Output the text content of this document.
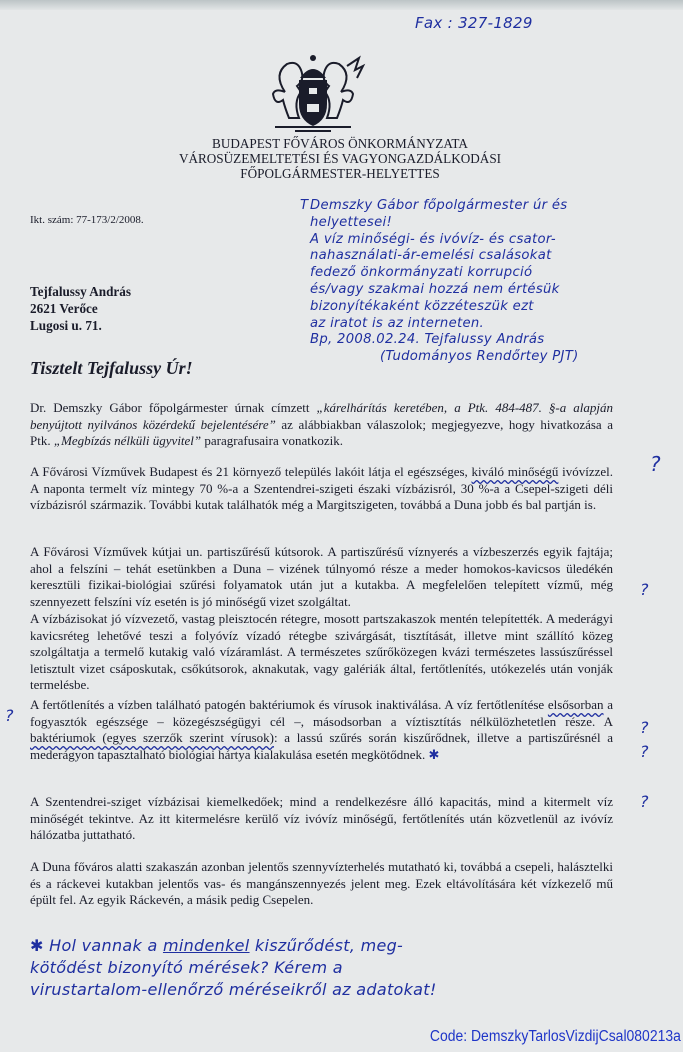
Fax : 327-1829
BUDAPEST FŐVÁROS ÖNKORMÁNYZATA
VÁROSÜZEMELTETÉSI ÉS VAGYONGAZDÁLKODÁSI
FŐPOLGÁRMESTER-HELYETTES
Ikt. szám: 77-173/2/2008.
Tejfalussy András
2621 Verőce
Lugosi u. 71.
Tisztelt Tejfalussy Úr!
T Demszky Gábor főpolgármester úr és
helyettesei!
A víz minőségi- és ivóvíz- és csator-
nahasználati-ár-emelési csalásokat
fedező önkormányzati korrupció
és/vagy szakmai hozzá nem értésük
bizonyítékaként közzéteszük ezt
az iratot is az interneten.
Bp, 2008.02.24. Tejfalussy András
(Tudományos Rendőrtey PJT)
Dr. Demszky Gábor főpolgármester úrnak címzett „kárelhárítás keretében, a Ptk. 484-487. §-a alapján benyújtott nyilvános közérdekű bejelentésére” az alábbiakban válaszolok; megjegyezve, hogy hivatkozása a Ptk. „Megbízás nélküli ügyvitel” paragrafusaira vonatkozik.
A Fővárosi Vízművek Budapest és 21 környező település lakóit látja el egészséges, kiváló minőségű ivóvízzel. A naponta termelt víz mintegy 70 %-a a Szentendrei-szigeti északi vízbázisról, 30 %-a a Csepel-szigeti déli vízbázisról származik. További kutak találhatók még a Margitszigeten, továbbá a Duna jobb és bal partján is.
A Fővárosi Vízművek kútjai un. partiszűrésű kútsorok. A partiszűrésű víznyerés a vízbeszerzés egyik fajtája; ahol a felszíni – tehát esetünkben a Duna – vizének túlnyomó része a meder homokos-kavicsos üledékén keresztüli fizikai-biológiai szűrési folyamatok után jut a kutakba. A megfelelően telepített vízmű, még szennyezett felszíni víz esetén is jó minőségű vizet szolgáltat.
A vízbázisokat jó vízvezető, vastag pleisztocén rétegre, mosott partszakaszok mentén telepítették. A mederágyi kavicsréteg lehetővé teszi a folyóvíz vízadó rétegbe szivárgását, tisztítását, illetve mint szállító közeg szolgáltatja a termelő kutakig való vízáramlást. A természetes szűrőközegen kvázi természetes lassúszűréssel letisztult vizet csáposkutak, csőkútsorok, aknakutak, vagy galériák által, fertőtlenítés, utókezelés után vonják termelésbe.
A fertőtlenítés a vízben található patogén baktériumok és vírusok inaktiválása. A víz fertőtlenítése elsősorban a fogyasztók egészsége – közegészségügyi cél –, másodsorban a víztisztítás nélkülözhetetlen része. A baktériumok (egyes szerzők szerint vírusok): a lassú szűrés során kiszűrődnek, illetve a partiszűrésnél a mederágyon tapasztalható biológiai hártya kialakulása esetén megkötődnek. ✱
A Szentendrei-sziget vízbázisai kiemelkedőek; mind a rendelkezésre álló kapacitás, mind a kitermelt víz minőségét tekintve. Az itt kitermelésre kerülő víz ivóvíz minőségű, fertőtlenítés után közvetlenül az ivóvíz hálózatba juttatható.
A Duna főváros alatti szakaszán azonban jelentős szennyvízterhelés mutatható ki, továbbá a csepeli, halásztelki és a ráckevei kutakban jelentős vas- és mangánszennyezés jelent meg. Ezek eltávolítására két vízkezelő mű épült fel. Az egyik Ráckevén, a másik pedig Csepelen.
?
?
?
?
?
?
✱ Hol vannak a mindenkel kiszűrődést, meg-
kötődést bizonyító mérések? Kérem a
virustartalom-ellenőrző méréseikről az adatokat!
Code: DemszkyTarlosVizdijCsal080213a
